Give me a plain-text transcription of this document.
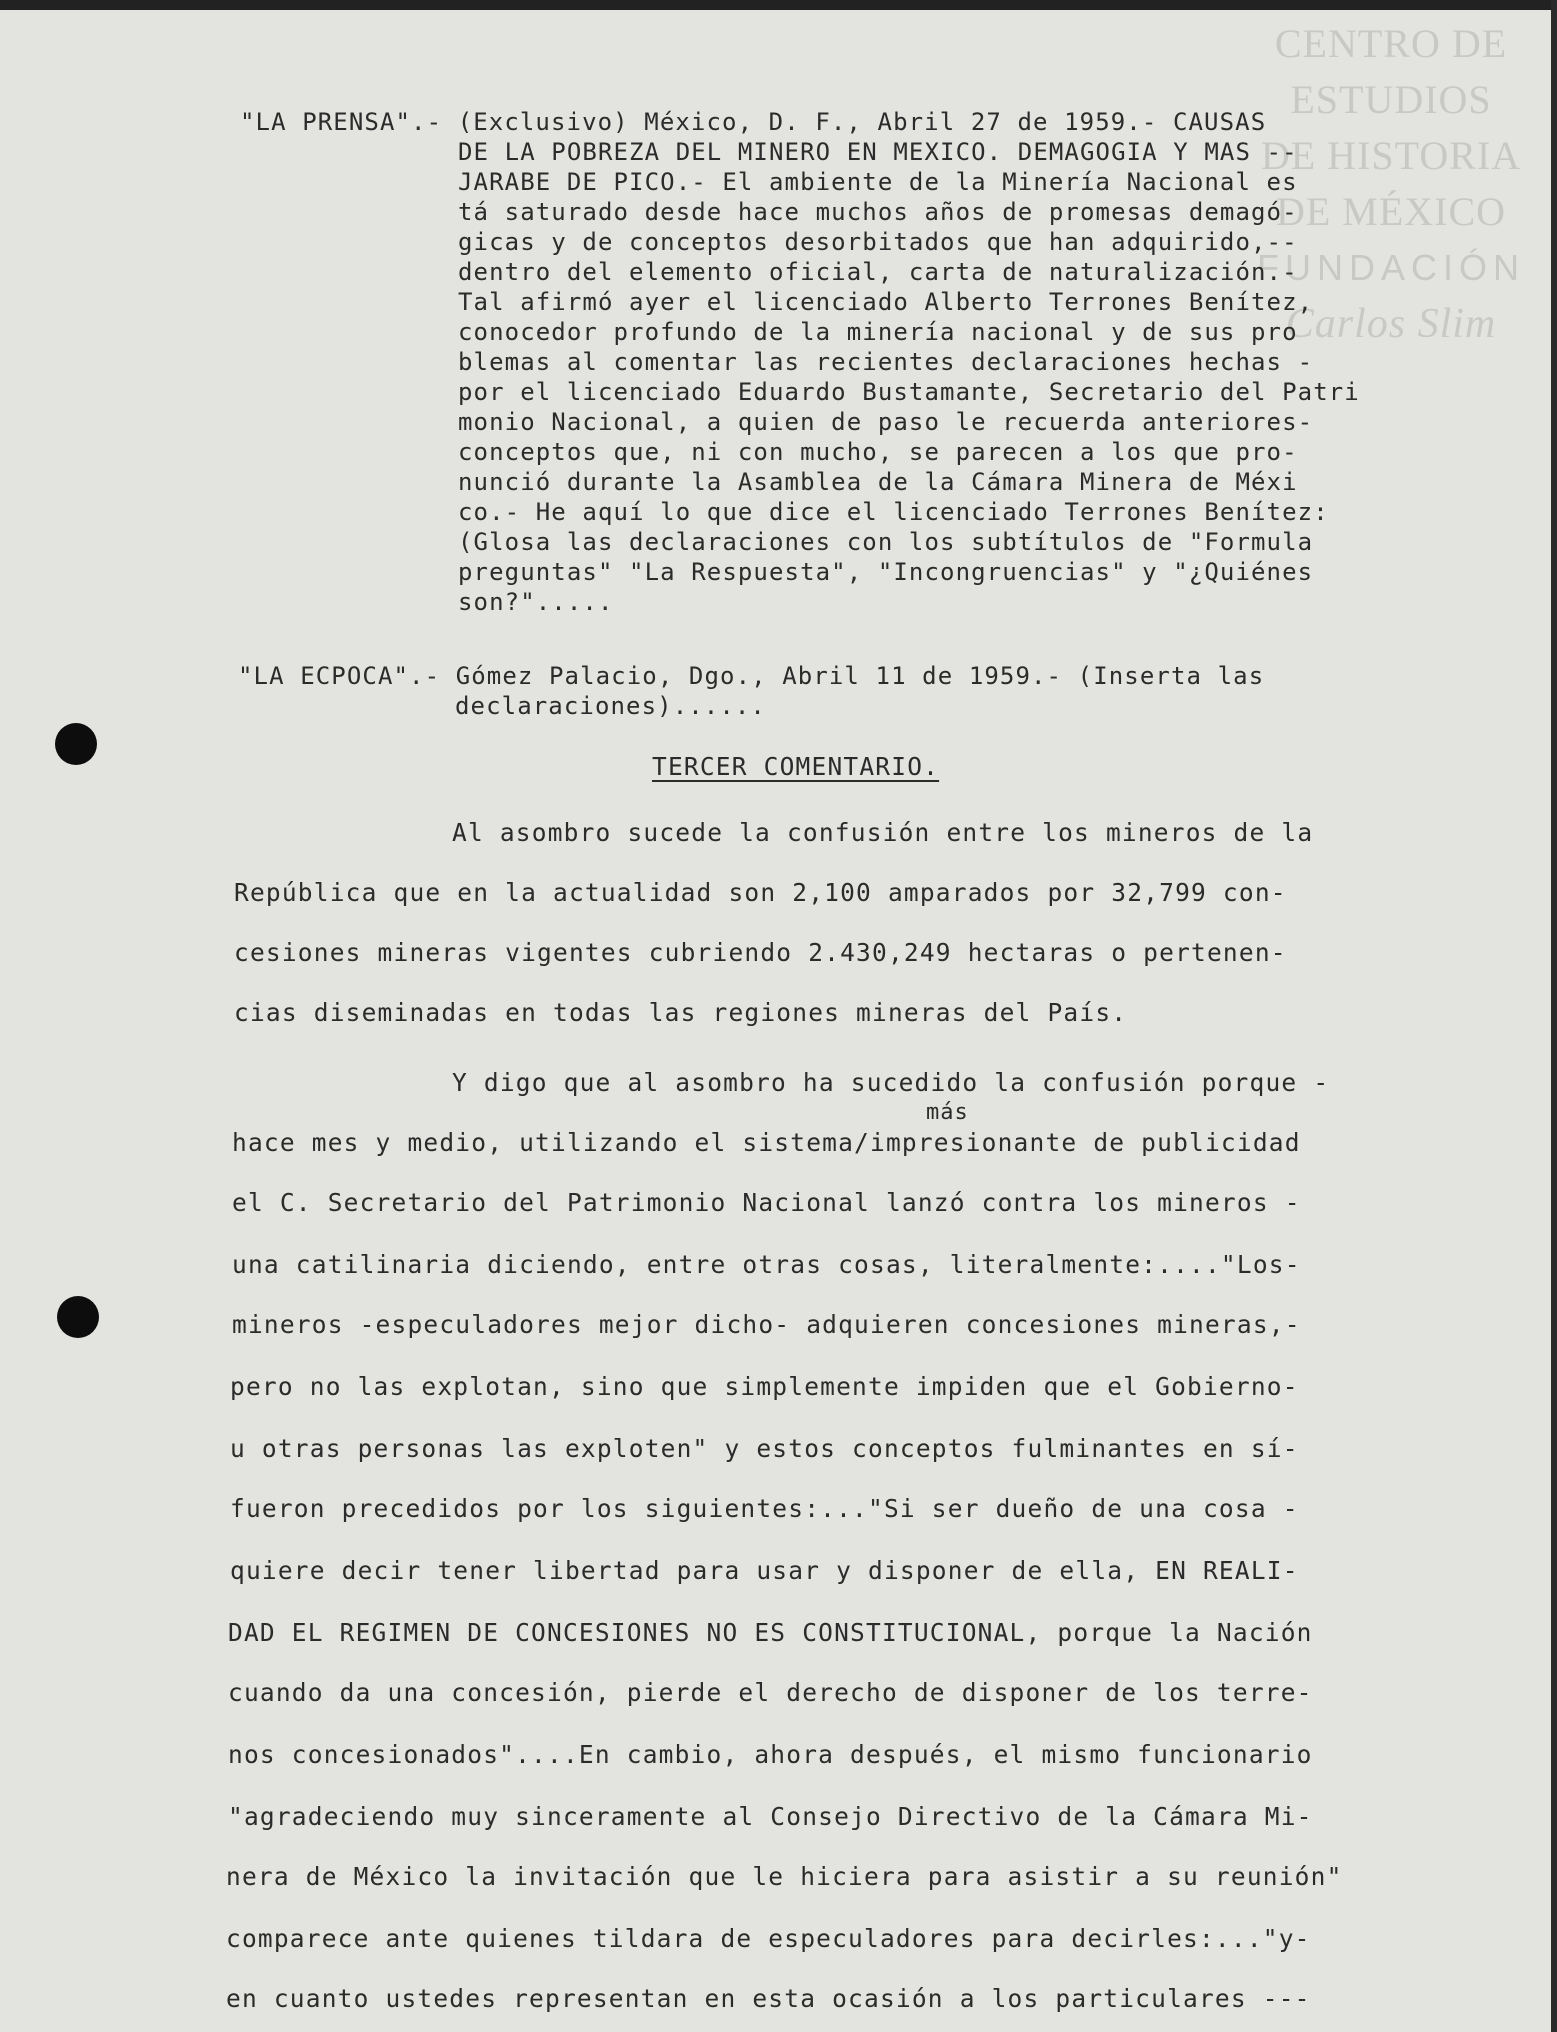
CENTRO DE
ESTUDIOS
DE HISTORIA
DE MÉXICO
FUNDACIÓN
Carlos Slim
"LA PRENSA".- (Exclusivo) México, D. F., Abril 27 de 1959.- CAUSAS
DE LA POBREZA DEL MINERO EN MEXICO. DEMAGOGIA Y MAS --
JARABE DE PICO.- El ambiente de la Minería Nacional es
tá saturado desde hace muchos años de promesas demagó-
gicas y de conceptos desorbitados que han adquirido,--
dentro del elemento oficial, carta de naturalización.-
Tal afirmó ayer el licenciado Alberto Terrones Benítez,
conocedor profundo de la minería nacional y de sus pro
blemas al comentar las recientes declaraciones hechas -
por el licenciado Eduardo Bustamante, Secretario del Patri
monio Nacional, a quien de paso le recuerda anteriores-
conceptos que, ni con mucho, se parecen a los que pro-
nunció durante la Asamblea de la Cámara Minera de Méxi
co.- He aquí lo que dice el licenciado Terrones Benítez:
(Glosa las declaraciones con los subtítulos de "Formula
preguntas" "La Respuesta", "Incongruencias" y "¿Quiénes
son?".....
"LA ECPOCA".- Gómez Palacio, Dgo., Abril 11 de 1959.- (Inserta las
declaraciones)......
TERCER COMENTARIO.
Al asombro sucede la confusión entre los mineros de la
República que en la actualidad son 2,100 amparados por 32,799 con-
cesiones mineras vigentes cubriendo 2.430,249 hectaras o pertenen-
cias diseminadas en todas las regiones mineras del País.
Y digo que al asombro ha sucedido la confusión porque -
más
hace mes y medio, utilizando el sistema/impresionante de publicidad
el C. Secretario del Patrimonio Nacional lanzó contra los mineros -
una catilinaria diciendo, entre otras cosas, literalmente:...."Los-
mineros -especuladores mejor dicho- adquieren concesiones mineras,-
pero no las explotan, sino que simplemente impiden que el Gobierno-
u otras personas las exploten" y estos conceptos fulminantes en sí-
fueron precedidos por los siguientes:..."Si ser dueño de una cosa -
quiere decir tener libertad para usar y disponer de ella, EN REALI-
DAD EL REGIMEN DE CONCESIONES NO ES CONSTITUCIONAL, porque la Nación
cuando da una concesión, pierde el derecho de disponer de los terre-
nos concesionados"....En cambio, ahora después, el mismo funcionario
"agradeciendo muy sinceramente al Consejo Directivo de la Cámara Mi-
nera de México la invitación que le hiciera para asistir a su reunión"
comparece ante quienes tildara de especuladores para decirles:..."y-
en cuanto ustedes representan en esta ocasión a los particulares ---
